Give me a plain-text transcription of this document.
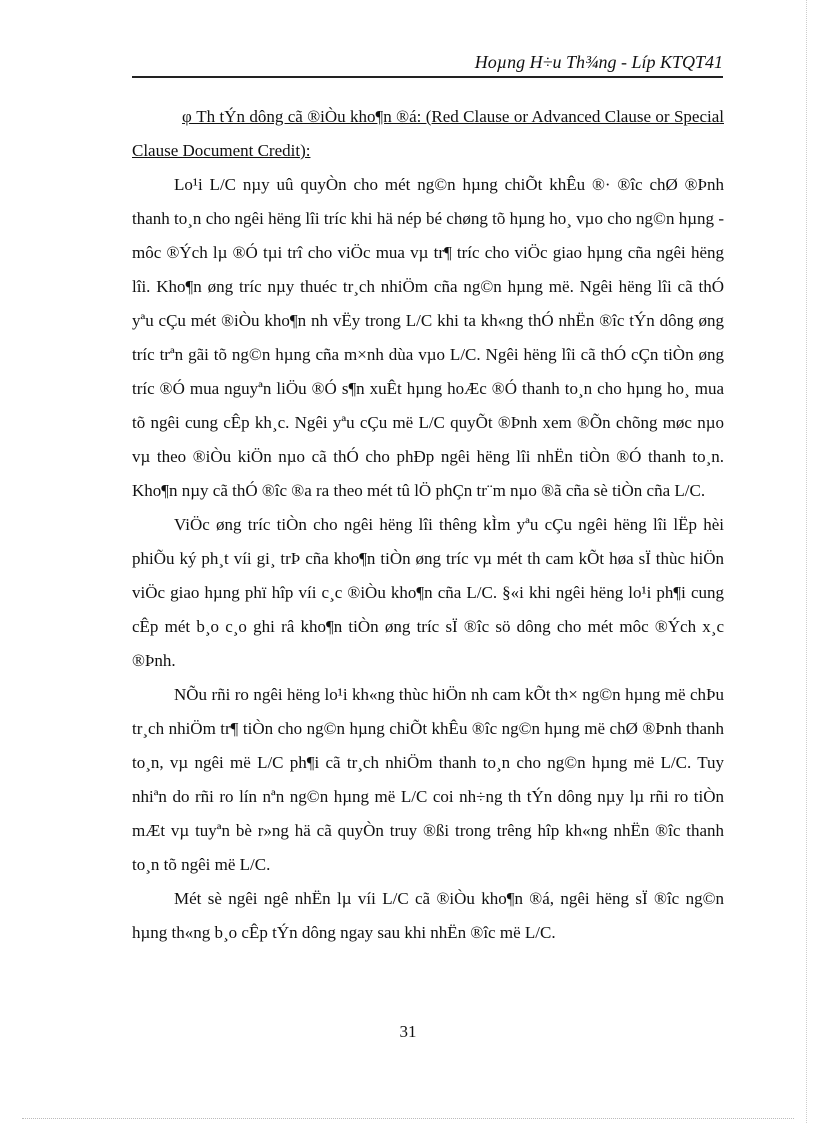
Hoµng H÷u Th¾ng - Líp KTQT41

φ Th tÝn dông cã ®iÒu kho¶n ®á: (Red Clause or Advanced Clause or Special Clause Document Credit):

Lo¹i L/C nµy uû quyÒn cho mét ng©n hµng chiÕt khÊu ®· ®îc chØ ®Þnh thanh to¸n cho ngêi hëng lîi tríc khi hä nép bé chøng tõ hµng ho¸ vµo cho ng©n hµng - môc ®Ých lµ ®Ó tµi trî cho viÖc mua vµ tr¶ tríc cho viÖc giao hµng cña ngêi hëng lîi. Kho¶n øng tríc nµy thuéc tr¸ch nhiÖm cña ng©n hµng më. Ngêi hëng lîi cã thÓ yªu cÇu mét ®iÒu kho¶n nh vËy trong L/C khi ta kh«ng thÓ nhËn ®îc tÝn dông øng tríc trªn gãi tõ ng©n hµng cña m×nh dùa vµo L/C. Ngêi hëng lîi cã thÓ cÇn tiÒn øng tríc ®Ó mua nguyªn liÖu ®Ó s¶n xuÊt hµng hoÆc ®Ó thanh to¸n cho hµng ho¸ mua tõ ngêi cung cÊp kh¸c. Ngêi yªu cÇu më L/C quyÕt ®Þnh xem ®Õn chõng møc nµo vµ theo ®iÒu kiÖn nµo cã thÓ cho phÐp ngêi hëng lîi nhËn tiÒn ®Ó thanh to¸n. Kho¶n nµy cã thÓ ®îc ®a ra theo mét tû lÖ phÇn tr¨m nµo ®ã cña sè tiÒn cña L/C.

ViÖc øng tríc tiÒn cho ngêi hëng lîi thêng kÌm yªu cÇu ngêi hëng lîi lËp hèi phiÕu ký ph¸t víi gi¸ trÞ cña kho¶n tiÒn øng tríc vµ mét th cam kÕt høa sÏ thùc hiÖn viÖc giao hµng phï hîp víi c¸c ®iÒu kho¶n cña L/C. §«i khi ngêi hëng lo¹i ph¶i cung cÊp mét b¸o c¸o ghi râ kho¶n tiÒn øng tríc sÏ ®îc sö dông cho mét môc ®Ých x¸c ®Þnh.

NÕu rñi ro ngêi hëng lo¹i kh«ng thùc hiÖn nh cam kÕt th× ng©n hµng më chÞu tr¸ch nhiÖm tr¶ tiÒn cho ng©n hµng chiÕt khÊu ®îc ng©n hµng më chØ ®Þnh thanh to¸n, vµ ngêi më L/C ph¶i cã tr¸ch nhiÖm thanh to¸n cho ng©n hµng më L/C. Tuy nhiªn do rñi ro lín nªn ng©n hµng më L/C coi nh÷ng th tÝn dông nµy lµ rñi ro tiÒn mÆt vµ tuyªn bè r»ng hä cã quyÒn truy ®ßi trong trêng hîp kh«ng nhËn ®îc thanh to¸n tõ ngêi më L/C.

Mét sè ngêi ngê nhËn lµ víi L/C cã ®iÒu kho¶n ®á, ngêi hëng sÏ ®îc ng©n hµng th«ng b¸o cÊp tÝn dông ngay sau khi nhËn ®îc më L/C.

31
